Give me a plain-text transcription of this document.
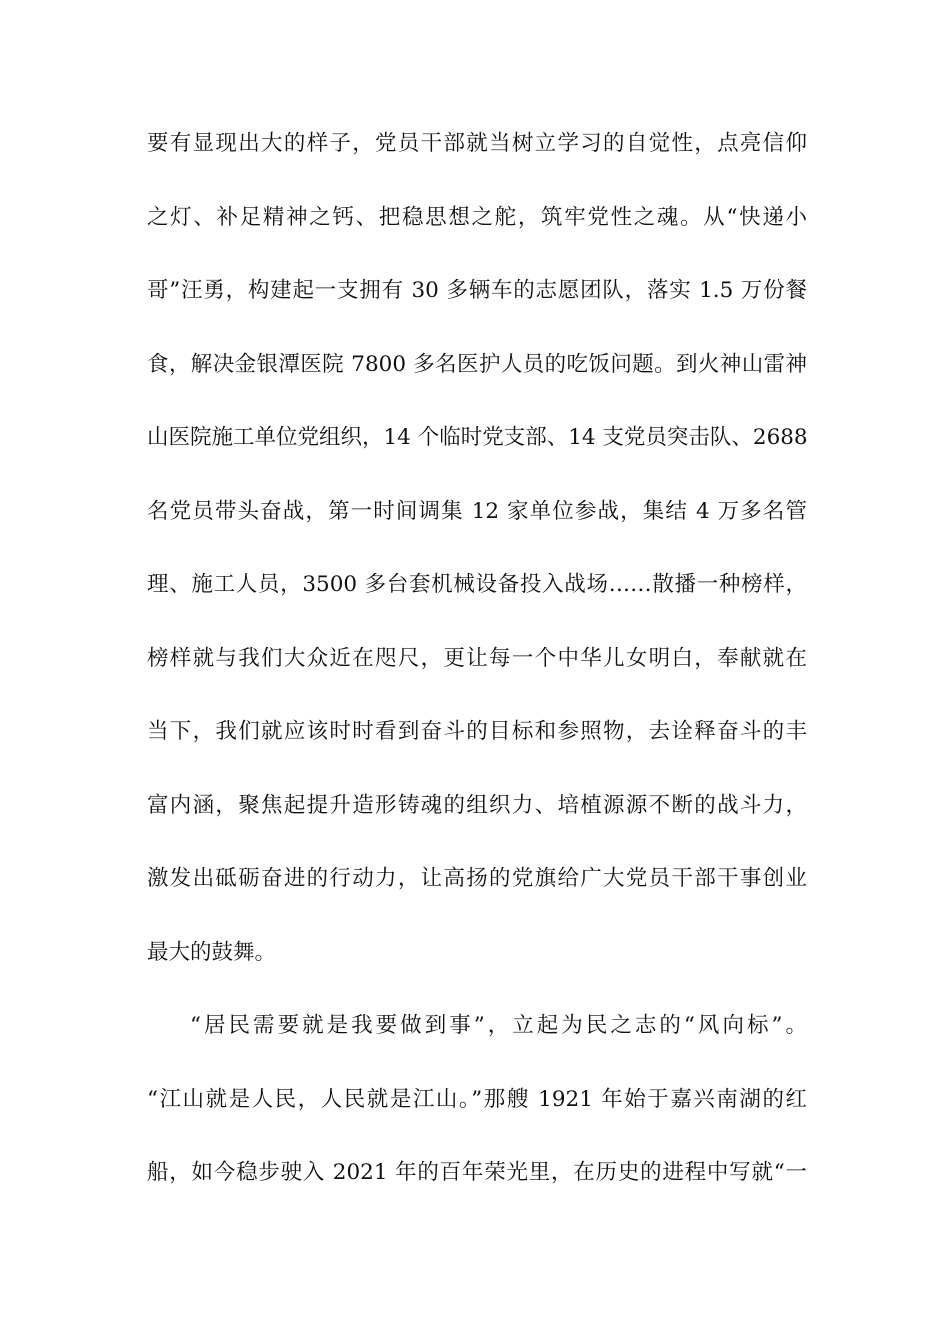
要有显现出大的样子，党员干部就当树立学习的自觉性，点亮信仰
之灯、补足精神之钙、把稳思想之舵，筑牢党性之魂。从“快递小
哥”汪勇，构建起一支拥有 30 多辆车的志愿团队，落实 1.5 万份餐
食，解决金银潭医院 7800 多名医护人员的吃饭问题。到火神山雷神
山医院施工单位党组织，14 个临时党支部、14 支党员突击队、2688
名党员带头奋战，第一时间调集 12 家单位参战，集结 4 万多名管
理、施工人员，3500 多台套机械设备投入战场……散播一种榜样，
榜样就与我们大众近在咫尺，更让每一个中华儿女明白，奉献就在
当下，我们就应该时时看到奋斗的目标和参照物，去诠释奋斗的丰
富内涵，聚焦起提升造形铸魂的组织力、培植源源不断的战斗力，
激发出砥砺奋进的行动力，让高扬的党旗给广大党员干部干事创业
最大的鼓舞。
“居民需要就是我要做到事”，立起为民之志的“风向标”。
“江山就是人民，人民就是江山。”那艘 1921 年始于嘉兴南湖的红
船，如今稳步驶入 2021 年的百年荣光里，在历史的进程中写就“一
